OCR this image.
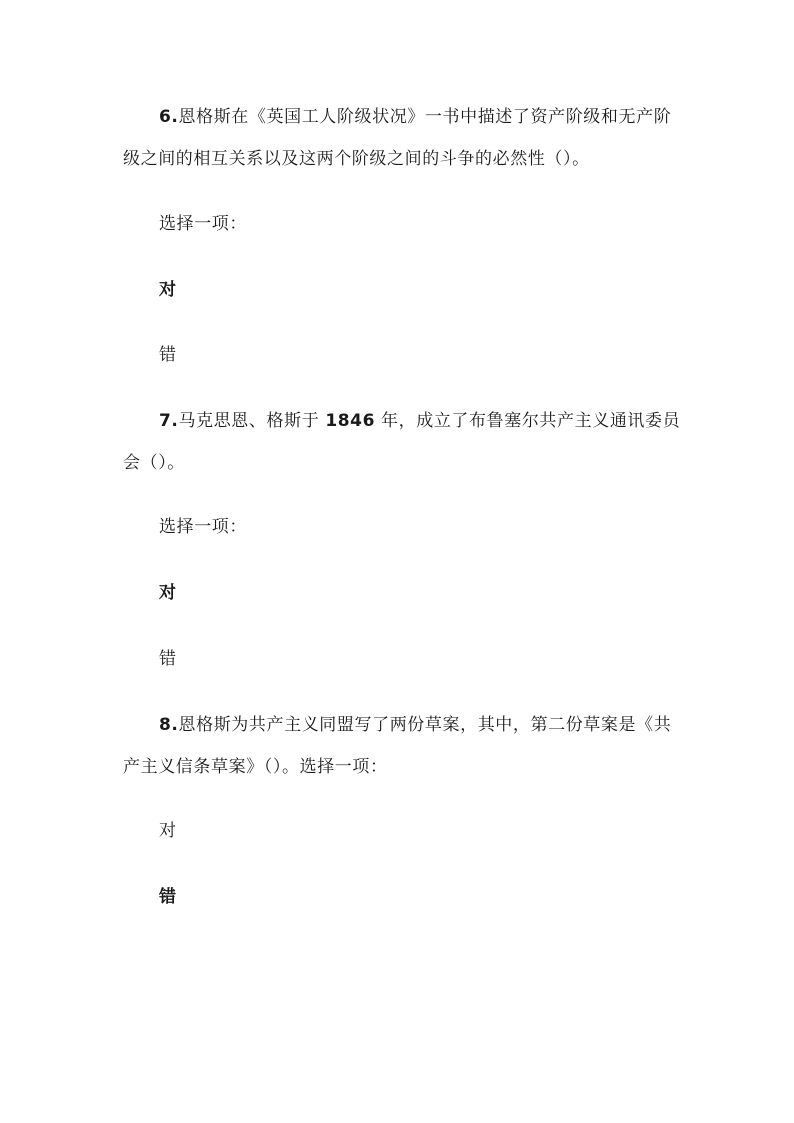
6.恩格斯在《英国工人阶级状况》一书中描述了资产阶级和无产阶
级之间的相互关系以及这两个阶级之间的斗争的必然性（）。
选择一项：
对
错
7.马克思恩、格斯于 1846 年，成立了布鲁塞尔共产主义通讯委员
会（）。
选择一项：
对
错
8.恩格斯为共产主义同盟写了两份草案，其中，第二份草案是《共
产主义信条草案》（）。选择一项：
对
错
